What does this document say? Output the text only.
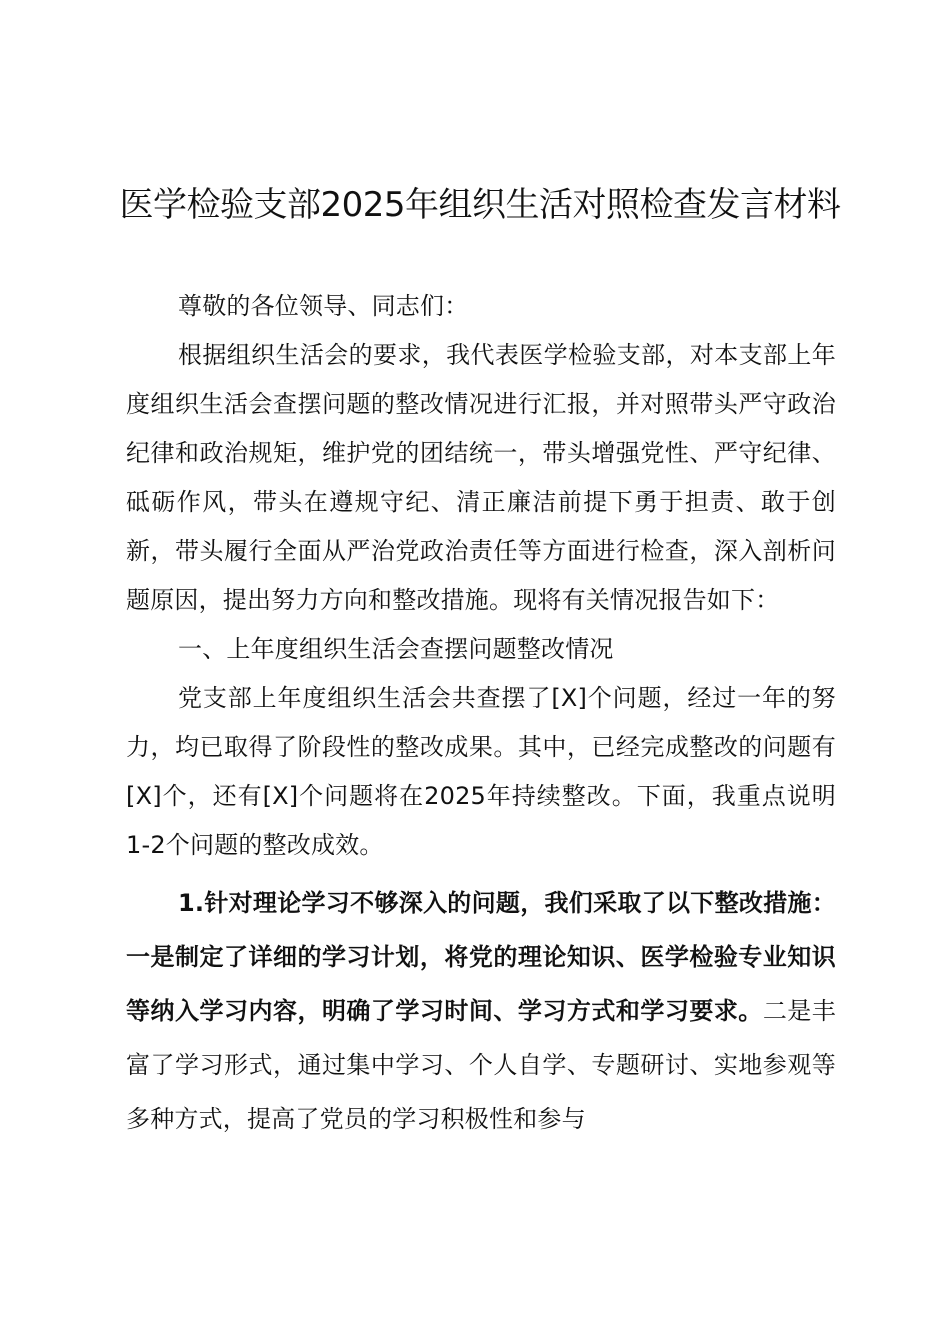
医学检验支部2025年组织生活对照检查发言材料

尊敬的各位领导、同志们：

根据组织生活会的要求，我代表医学检验支部，对本支部上年度组织生活会查摆问题的整改情况进行汇报，并对照带头严守政治纪律和政治规矩，维护党的团结统一，带头增强党性、严守纪律、砥砺作风，带头在遵规守纪、清正廉洁前提下勇于担责、敢于创新，带头履行全面从严治党政治责任等方面进行检查，深入剖析问题原因，提出努力方向和整改措施。现将有关情况报告如下：

一、上年度组织生活会查摆问题整改情况

党支部上年度组织生活会共查摆了[X]个问题，经过一年的努力，均已取得了阶段性的整改成果。其中，已经完成整改的问题有[X]个，还有[X]个问题将在2025年持续整改。下面，我重点说明1-2个问题的整改成效。

1.针对理论学习不够深入的问题，我们采取了以下整改措施：一是制定了详细的学习计划，将党的理论知识、医学检验专业知识等纳入学习内容，明确了学习时间、学习方式和学习要求。二是丰富了学习形式，通过集中学习、个人自学、专题研讨、实地参观等多种方式，提高了党员的学习积极性和参与
